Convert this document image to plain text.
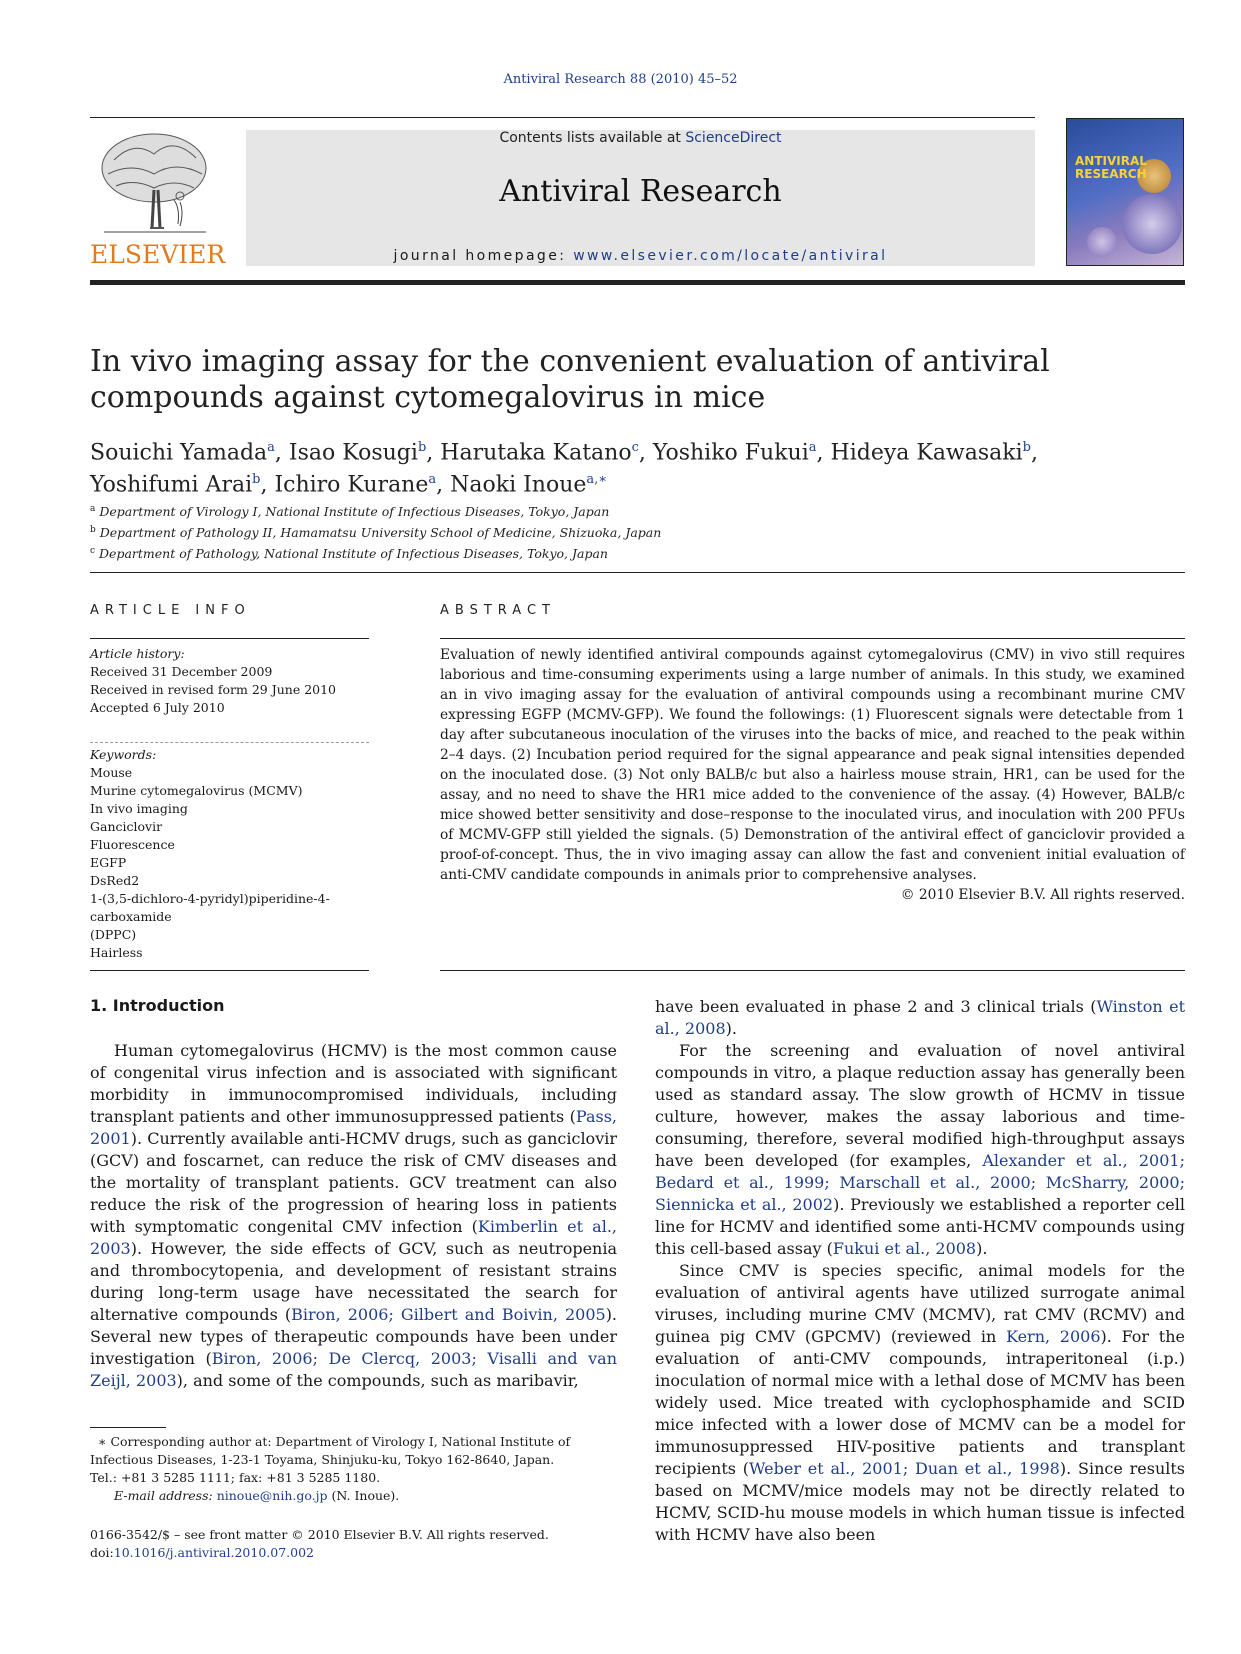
Antiviral Research 88 (2010) 45–52
ELSEVIER
Contents lists available at ScienceDirect
Antiviral Research
journal homepage: www.elsevier.com/locate/antiviral
ANTIVIRAL RESEARCH
In vivo imaging assay for the convenient evaluation of antiviral compounds against cytomegalovirus in mice
Souichi Yamada$^a$, Isao Kosugi$^b$, Harutaka Katano$^c$, Yoshiko Fukui$^a$, Hideya Kawasaki$^b$,
Yoshifumi Arai$^b$, Ichiro Kurane$^a$, Naoki Inoue$^{a,∗}$
$^a$ Department of Virology I, National Institute of Infectious Diseases, Tokyo, Japan
$^b$ Department of Pathology II, Hamamatsu University School of Medicine, Shizuoka, Japan
$^c$ Department of Pathology, National Institute of Infectious Diseases, Tokyo, Japan
ARTICLE INFO	ABSTRACT
Article history:
Received 31 December 2009
Received in revised form 29 June 2010
Accepted 6 July 2010
Keywords:
Mouse
Murine cytomegalovirus (MCMV)
In vivo imaging
Ganciclovir
Fluorescence
EGFP
DsRed2
1-(3,5-dichloro-4-pyridyl)piperidine-4-
carboxamide
(DPPC)
Hairless
Evaluation of newly identified antiviral compounds against cytomegalovirus (CMV) in vivo still requires laborious and time-consuming experiments using a large number of animals. In this study, we examined an in vivo imaging assay for the evaluation of antiviral compounds using a recombinant murine CMV expressing EGFP (MCMV-GFP). We found the followings: (1) Fluorescent signals were detectable from 1 day after subcutaneous inoculation of the viruses into the backs of mice, and reached to the peak within 2–4 days. (2) Incubation period required for the signal appearance and peak signal intensities depended on the inoculated dose. (3) Not only BALB/c but also a hairless mouse strain, HR1, can be used for the assay, and no need to shave the HR1 mice added to the convenience of the assay. (4) However, BALB/c mice showed better sensitivity and dose–response to the inoculated virus, and inoculation with 200 PFUs of MCMV-GFP still yielded the signals. (5) Demonstration of the antiviral effect of ganciclovir provided a proof-of-concept. Thus, the in vivo imaging assay can allow the fast and convenient initial evaluation of anti-CMV candidate compounds in animals prior to comprehensive analyses.
© 2010 Elsevier B.V. All rights reserved.
1. Introduction

Human cytomegalovirus (HCMV) is the most common cause of congenital virus infection and is associated with significant morbidity in immunocompromised individuals, including transplant patients and other immunosuppressed patients (Pass, 2001). Currently available anti-HCMV drugs, such as ganciclovir (GCV) and foscarnet, can reduce the risk of CMV diseases and the mortality of transplant patients. GCV treatment can also reduce the risk of the progression of hearing loss in patients with symptomatic congenital CMV infection (Kimberlin et al., 2003). However, the side effects of GCV, such as neutropenia and thrombocytopenia, and development of resistant strains during long-term usage have necessitated the search for alternative compounds (Biron, 2006; Gilbert and Boivin, 2005). Several new types of therapeutic compounds have been under investigation (Biron, 2006; De Clercq, 2003; Visalli and van Zeijl, 2003), and some of the compounds, such as maribavir,

have been evaluated in phase 2 and 3 clinical trials (Winston et al., 2008).

For the screening and evaluation of novel antiviral compounds in vitro, a plaque reduction assay has generally been used as standard assay. The slow growth of HCMV in tissue culture, however, makes the assay laborious and time-consuming, therefore, several modified high-throughput assays have been developed (for examples, Alexander et al., 2001; Bedard et al., 1999; Marschall et al., 2000; McSharry, 2000; Siennicka et al., 2002). Previously we established a reporter cell line for HCMV and identified some anti-HCMV compounds using this cell-based assay (Fukui et al., 2008).

Since CMV is species specific, animal models for the evaluation of antiviral agents have utilized surrogate animal viruses, including murine CMV (MCMV), rat CMV (RCMV) and guinea pig CMV (GPCMV) (reviewed in Kern, 2006). For the evaluation of anti-CMV compounds, intraperitoneal (i.p.) inoculation of normal mice with a lethal dose of MCMV has been widely used. Mice treated with cyclophosphamide and SCID mice infected with a lower dose of MCMV can be a model for immunosuppressed HIV-positive patients and transplant recipients (Weber et al., 2001; Duan et al., 1998). Since results based on MCMV/mice models may not be directly related to HCMV, SCID-hu mouse models in which human tissue is infected with HCMV have also been

∗ Corresponding author at: Department of Virology I, National Institute of Infectious Diseases, 1-23-1 Toyama, Shinjuku-ku, Tokyo 162-8640, Japan.
Tel.: +81 3 5285 1111; fax: +81 3 5285 1180.
E-mail address: ninoue@nih.go.jp (N. Inoue).
0166-3542/$ – see front matter © 2010 Elsevier B.V. All rights reserved.
doi:10.1016/j.antiviral.2010.07.002
